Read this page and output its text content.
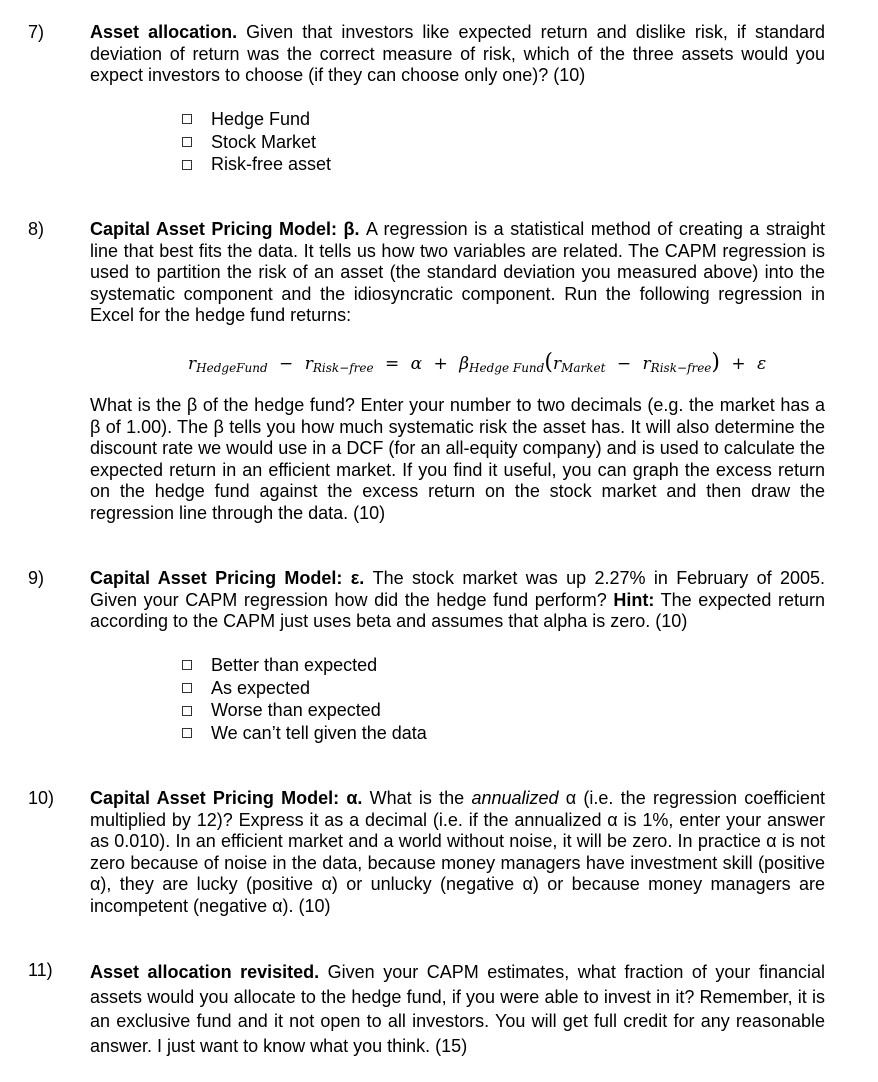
7)	Asset allocation. Given that investors like expected return and dislike risk, if standard deviation of return was the correct measure of risk, which of the three assets would you expect investors to choose (if they can choose only one)? (10)
Hedge Fund
Stock Market
Risk-free asset
8)	Capital Asset Pricing Model: β. A regression is a statistical method of creating a straight line that best fits the data. It tells us how two variables are related. The CAPM regression is used to partition the risk of an asset (the standard deviation you measured above) into the systematic component and the idiosyncratic component. Run the following regression in Excel for the hedge fund returns:
$r_{HedgeFund} - r_{Risk-free} = \alpha + \beta_{Hedge Fund}(r_{Market} - r_{Risk-free}) + \varepsilon$
What is the β of the hedge fund? Enter your number to two decimals (e.g. the market has a β of 1.00). The β tells you how much systematic risk the asset has. It will also determine the discount rate we would use in a DCF (for an all-equity company) and is used to calculate the expected return in an efficient market. If you find it useful, you can graph the excess return on the hedge fund against the excess return on the stock market and then draw the regression line through the data. (10)
9)	Capital Asset Pricing Model: ε. The stock market was up 2.27% in February of 2005. Given your CAPM regression how did the hedge fund perform? Hint: The expected return according to the CAPM just uses beta and assumes that alpha is zero. (10)
Better than expected
As expected
Worse than expected
We can’t tell given the data
10) Capital Asset Pricing Model: α. What is the annualized α (i.e. the regression coefficient multiplied by 12)? Express it as a decimal (i.e. if the annualized α is 1%, enter your answer as 0.010). In an efficient market and a world without noise, it will be zero. In practice α is not zero because of noise in the data, because money managers have investment skill (positive α), they are lucky (positive α) or unlucky (negative α) or because money managers are incompetent (negative α). (10)
11) Asset allocation revisited. Given your CAPM estimates, what fraction of your financial assets would you allocate to the hedge fund, if you were able to invest in it? Remember, it is an exclusive fund and it not open to all investors. You will get full credit for any reasonable answer. I just want to know what you think. (15)
